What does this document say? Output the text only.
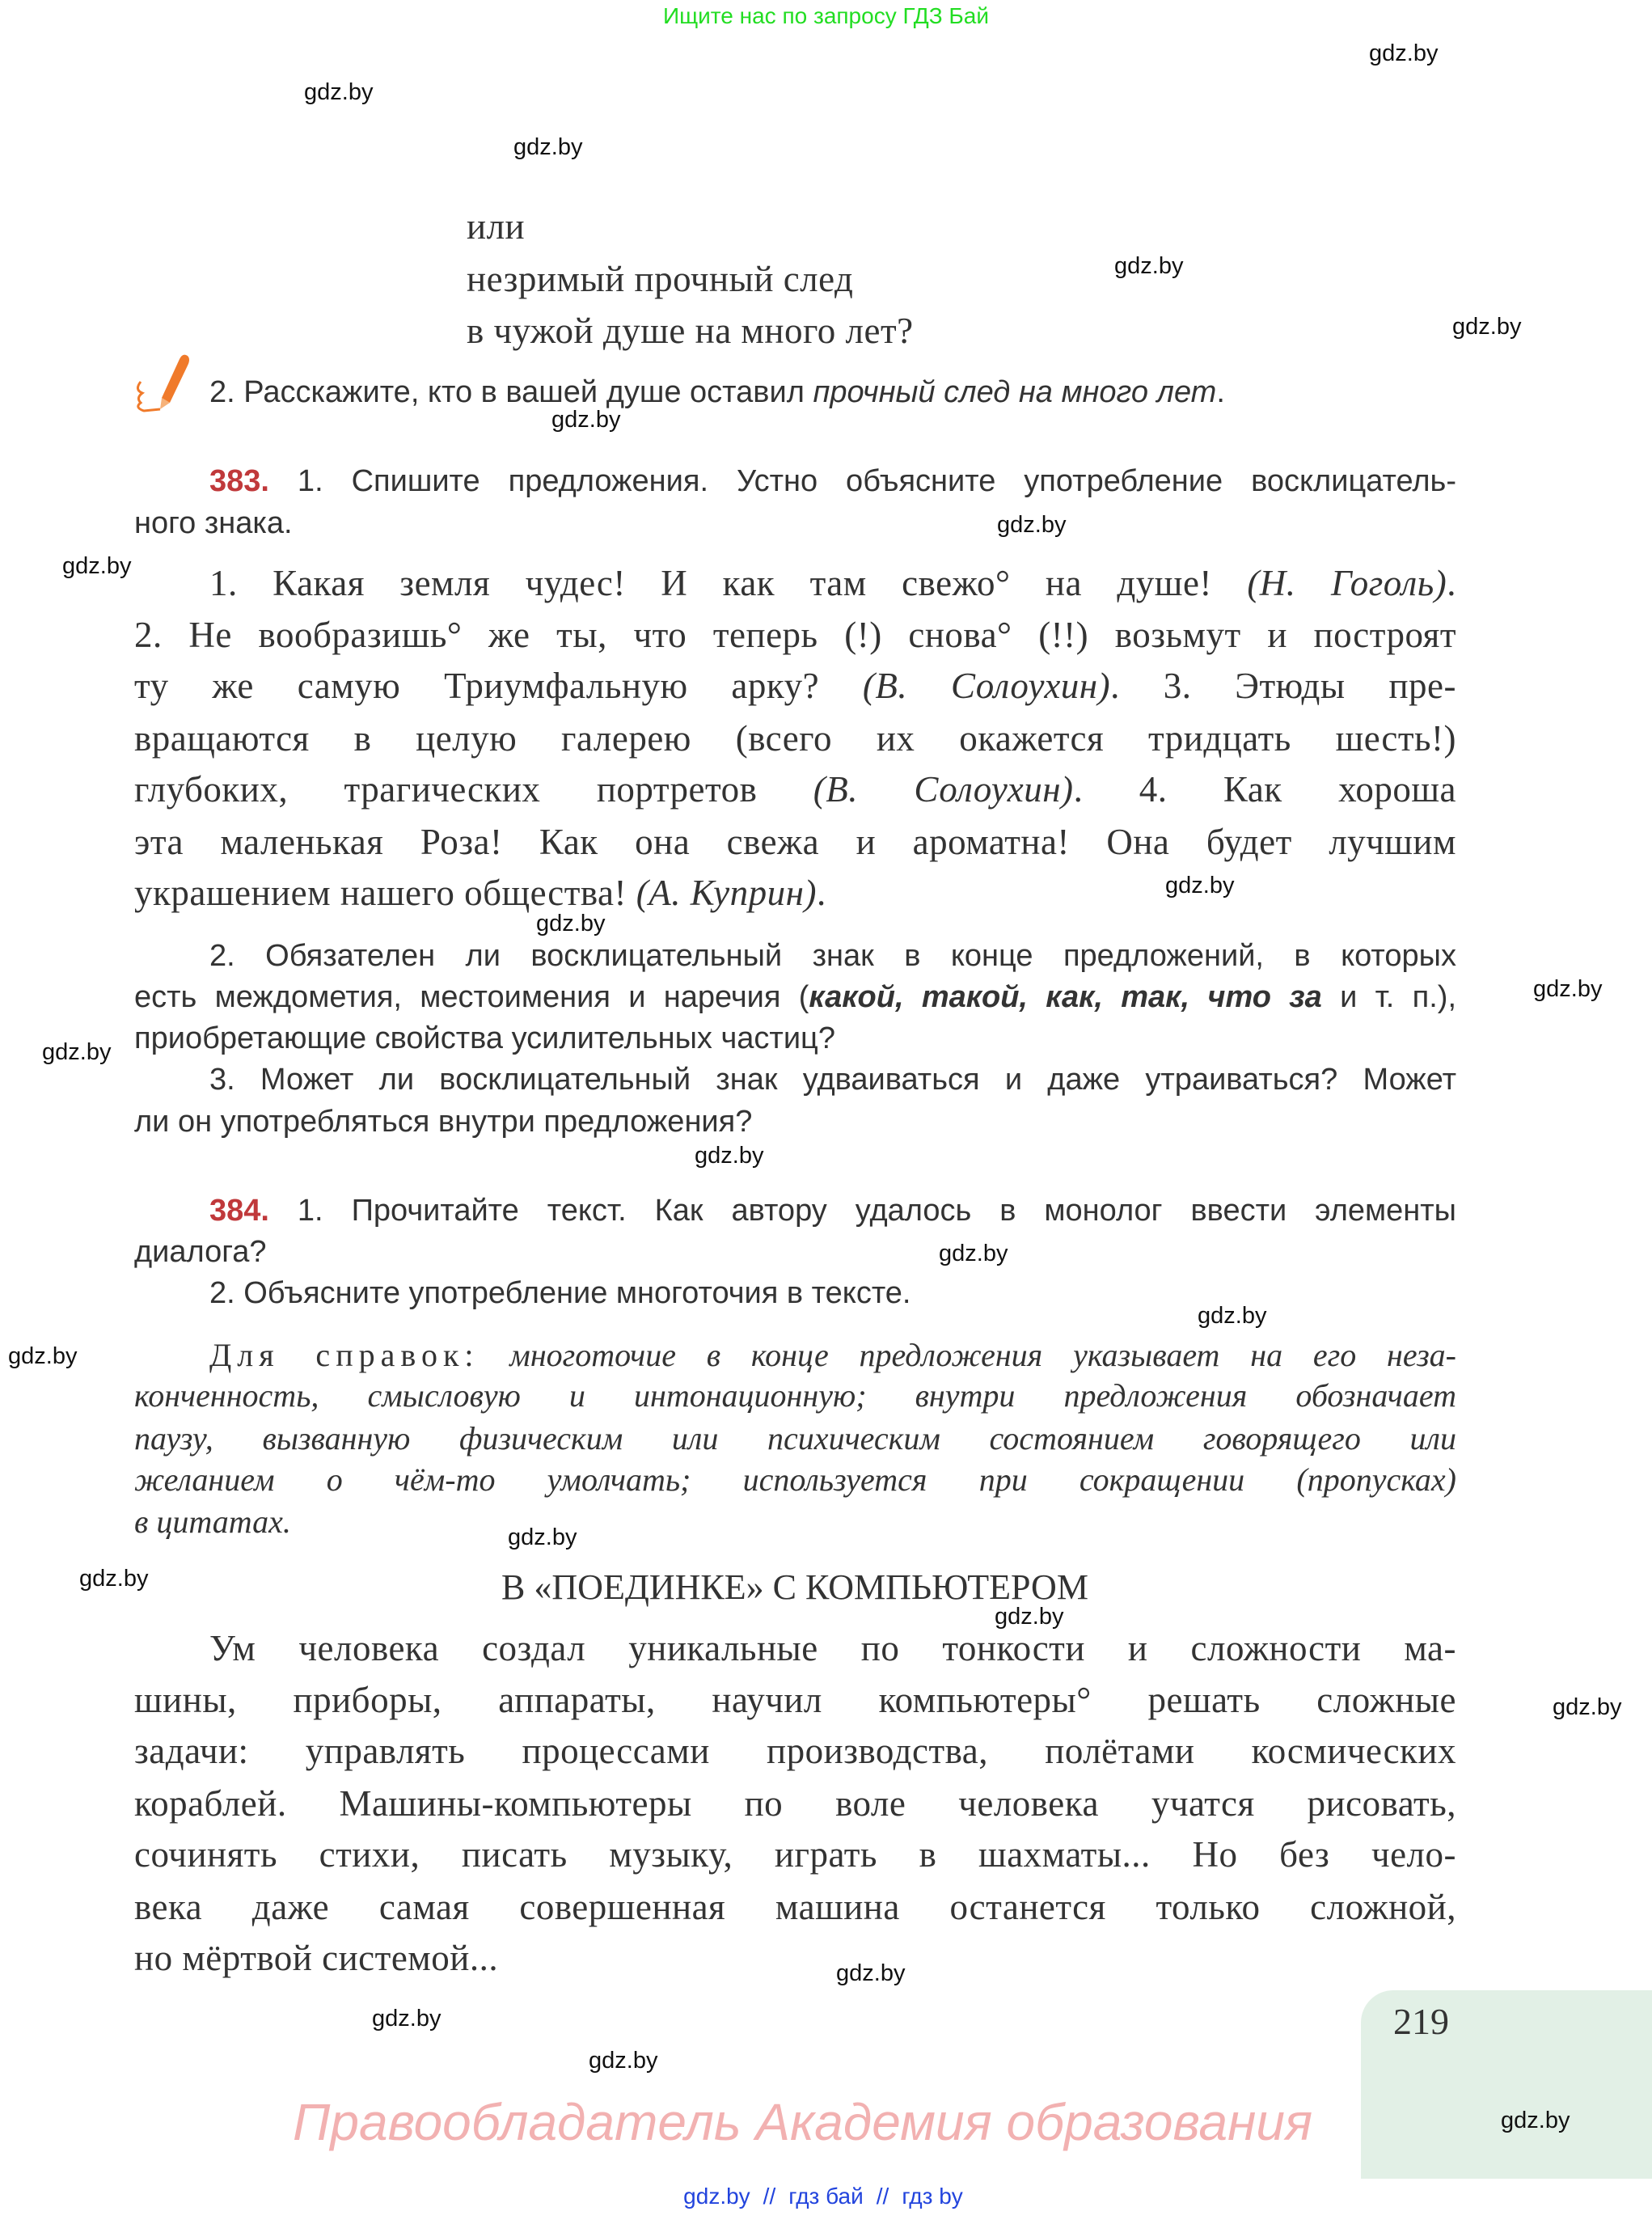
Ищите нас по запросу ГДЗ Бай
или
незримый прочный след
в чужой душе на много лет?
2. Расскажите, кто в вашей душе оставил прочный след на много лет.
383. 1. Спишите предложения. Устно объясните употребление восклицатель-
ного знака.
1. Какая земля чудес! И как там свежо° на душе! (Н. Гоголь).
2. Не вообразишь° же ты, что теперь (!) снова° (!!) возьмут и построят
ту же самую Триумфальную арку? (В. Солоухин). 3. Этюды пре-
вращаются в целую галерею (всего их окажется тридцать шесть!)
глубоких, трагических портретов (В. Солоухин). 4. Как хороша
эта маленькая Роза! Как она свежа и ароматна! Она будет лучшим
украшением нашего общества! (А. Куприн).
2. Обязателен ли восклицательный знак в конце предложений, в которых
есть междометия, местоимения и наречия (какой, такой, как, так, что за и т. п.),
приобретающие свойства усилительных частиц?
3. Может ли восклицательный знак удваиваться и даже утраиваться? Может
ли он употребляться внутри предложения?
384. 1. Прочитайте текст. Как автору удалось в монолог ввести элементы
диалога?
2. Объясните употребление многоточия в тексте.
Для справок: многоточие в конце предложения указывает на его неза-
конченность, смысловую и интонационную; внутри предложения обозначает
паузу, вызванную физическим или психическим состоянием говорящего или
желанием о чём-то умолчать; используется при сокращении (пропусках)
в цитатах.
В «ПОЕДИНКЕ» С КОМПЬЮТЕРОМ
Ум человека создал уникальные по тонкости и сложности ма-
шины, приборы, аппараты, научил компьютеры° решать сложные
задачи: управлять процессами производства, полётами космических
кораблей. Машины-компьютеры по воле человека учатся рисовать,
сочинять стихи, писать музыку, играть в шахматы... Но без чело-
века даже самая совершенная машина останется только сложной,
но мёртвой системой...
219
Правообладатель Академия образования
gdz.by // гдз бай // гдз by
gdz.by
gdz.by
gdz.by
gdz.by
gdz.by
gdz.by
gdz.by
gdz.by
gdz.by
gdz.by
gdz.by
gdz.by
gdz.by
gdz.by
gdz.by
gdz.by
gdz.by
gdz.by
gdz.by
gdz.by
gdz.by
gdz.by
gdz.by
gdz.by
